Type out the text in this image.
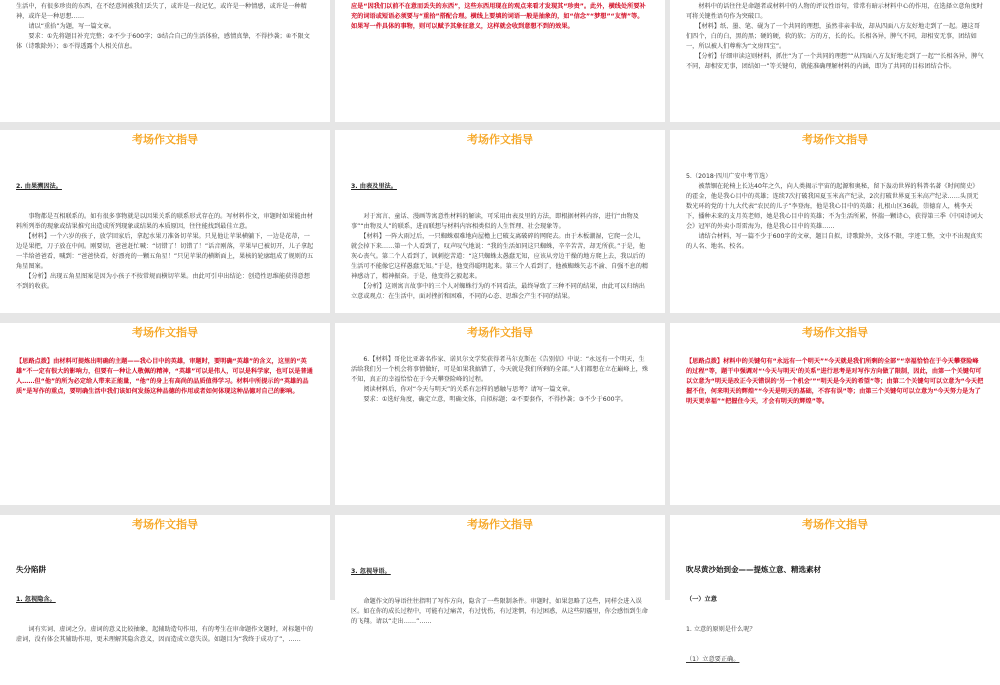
生活中，有很多珍贵的东西，在不经意间被我们丢失了，或许是一段记忆，或许是一种情感，或许是一种精神，或许是一种思想……
　　请以“重拾”为题，写一篇文章。
　　要求：①先将题目补充完整；②不少于600字；③结合自己的生活体验，感情真挚，不得抄袭；④不限文体（诗歌除外）；⑤不得透露个人相关信息。
应是“因我们以前不在意而丢失的东西”，这些东西用现在的观点来看才发现其“珍贵”。此外，横线处所要补充的词语或短语必须要与“重拾”搭配合理。横线上要填的词语一般是抽象的，如“信念”“梦想”“友情”等。如果写一件具体的事物，则可以赋予其象征意义，这样就会收到意想不到的效果。
　　材料中的话往往是命题者或材料中的人物的评议性语句，常常有暗示材料中心的作用，在选择立意角度时可将关键性语句作为突破口。
　　【材料】纸、墨、笔、砚为了一个共同的理想，虽然非亲非故，却从四面八方友好地走到了一起。趣这哥们四个，白的白，黑的黑；硬的硬，软的软；方的方，长的长。长相各异，脾气不同，却相安无事，团结如一，所以被人们尊称为“文房四宝”。
　　【分析】仔细审读这则材料，抓住“为了一个共同的理想”“从四面八方友好地走到了一起”“长相各异，脾气不同，却相安无事，团结如一”等关键句，就能准确理解材料的内涵，即为了共同的目标团结合作。
考场作文指导

2. 由果溯因法。

　　事物都是互相联系的。如有很多事物就是以因果关系的联系形式存在的。写材料作文，审题时如果能由材料所列举的现象或结果推究出造成所列现象或结果的本质原因，往往能找到最佳立意。
　　【材料】一个六岁的孩子，放学回家后，拿起水果刀准备切苹果。只见他让苹果横躺下，一边是花蒂，一边是果把，刀子放在中间。刚要切，爸爸赶忙喊：“切错了！切错了！”话音刚落，苹果早已被切开，儿子拿起一半给爸爸看，喊到：“爸爸快看，好漂亮的一颗五角星！”只见苹果的横断面上，果核的轮廓组成了规则的五角星图案。
　　【分析】出现五角星图案是因为小孩子不按常规而横切苹果。由此可引申出结论：创造性思维能获得意想不到的收获。

考场作文指导

3. 由表及里法。

　　对于寓言、童话、漫画等寓意性材料的解读，可采用由表及里的方法，即根据材料内容，进行“由物及事”“由物及人”的联系，进而联想与材料内容相类似的人生哲理、社会现象等。
　　【材料】一阵大雨过后，一只蜘蛛艰难地向屋檐上已破支离破碎的网爬去。由于木板潮湿，它爬一会儿，就会掉下来……第一个人看到了，叹声叹气地说：“我的生活如同这只蜘蛛，辛辛苦苦，却无所获。”于是，他灰心丧气。第二个人看到了，讽刺挖苦道：“这只蜘蛛太愚蠢无知，应该从旁边干燥的地方爬上去，我以后的生活可不能像它这样愚蠢无知。”于是，他变得聪明起来。第三个人看到了，他被蜘蛛矢志不渝、自强不息的精神感动了，精神振奋。于是，他变得乞毅起来。
　　【分析】这则寓言故事中的三个人对蜘蛛行为的不同看法，最终导致了三种不同的结果，由此可以归纳出立意或观点：在生活中，面对挫折和困难，不同的心态、思维会产生不同的结果。

考场作文指导
5.（2018·四川广安中考节选）
　　被禁锢在轮椅上长达40年之久，向人类揭示宇宙的起源和奥秘，留下轰动世界的科普名著《时间简史》的霍金，他是我心目中的英雄；连续7次打破我国夏玉米高产纪录，2次打破世界夏玉米高产纪录……头顶无数光环的党的十九大代表“农民的儿子”李登海，他是我心目中的英雄；扎根山区36载，崇德育人，桃李天下，播种未来的支月英老师，她是我心目中的英雄；不为生活所累，怀揣一颗诗心，获得第三季《中国诗词大会》冠军的外卖小哥雷海为，他是我心目中的英雄……
　　请结合材料，写一篇不少于600字的文章，题目自拟，诗歌除外，文体不限，字迹工整，文中不出现真实的人名、地名、校名。
考场作文指导
【思路点拨】由材料可提炼出明确的主题——我心目中的英雄，审题时，要明确“英雄”的含义，这里的“英雄”不一定有很大的影响力，但要有一种让人敬佩的精神，“英雄”可以是伟人，可以是科学家，也可以是普通人……但“他”的所为必定给人带来正能量，“他”的身上有高尚的品质值得学习。材料中所提示的“英雄的品质”是写作的重点，要明确生活中我们该如何发扬这种品德的作用或者如何体现这种品德对自己的影响。
考场作文指导
　　6.【材料】哥伦比亚著名作家、诺贝尔文学奖获得者马尔克斯在《告别信》中说：“永远有一个明天，生活给我们另一个机会将事情做好，可是如果我搞错了，今天就是我们所剩的全部。”人们都想在立在巅峰上，殊不知，真正的幸福恰恰在于今天攀登险峰的过程。
　　阅读材料后，你对“今天与明天”的关系有怎样的感触与思考？请写一篇文章。
　　要求：①选好角度，确定立意，明确文体，自拟标题；②不要套作，不得抄袭；③不少于600字。
考场作文指导
【思路点拨】材料中的关键句有“永远有一个明天”“今天就是我们所剩的全部”“幸福恰恰在于今天攀登险峰的过程”等，题干中强调对“‘今天与明天’的关系”进行思考是对写作方向做了限制，因此，由第一个关键句可以立意为“明天是改正今天错误的‘另一个机会’”“明天是今天的希望”等；由第二个关键句可以立意为“今天把握不住，何来明天的辉煌”“今天是明天的基础，不容有误”等；由第三个关键句可以立意为“今天努力是为了明天更幸福”“把握住今天，才会有明天的辉煌”等。
考场作文指导

失分陷阱

1. 忽视隐含。

　　词有实词、虚词之分。虚词的意义比较抽象，起辅助造句作用，有的考生在审命题作文题时，对标题中的虚词，没有体会其辅助作用，更未理解其隐含意义，因而造成立意失误。如题目为“我终于成功了”，……

考场作文指导

3. 忽视导语。

　　命题作文的导语往往指明了写作方向，隐含了一些限制条件。审题时，如果忽略了这些，同样会进入误区。如在你的成长过程中，可能有过痛苦，有过忧伤，有过迷惘，有过困惑，从这些阴霾里，你会感悟到生命的飞翔。请以“走出……”……

考场作文指导

吹尽黄沙始到金——提炼立意、精选素材

（一）立意

1. 立意的原则是什么呢？

（1）立意要正确。
